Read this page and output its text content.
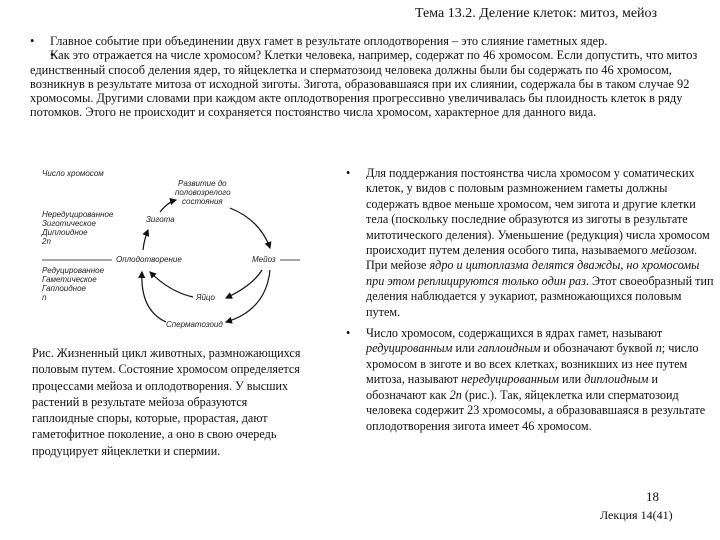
Тема 13.2. Деление клеток: митоз, мейоз
• Главное событие при объединении двух гамет в результате оплодотворения – это слияние гаметных ядер.
• Как это отражается на числе хромосом? Клетки человека, например, содержат по 46 хромосом. Если допустить, что митоз единственный способ деления ядер, то яйцеклетка и сперматозоид человека должны были бы содержать по 46 хромосом, возникнув в результате митоза от исходной зиготы. Зигота, образовавшаяся при их слиянии, содержала бы в таком случае 92 хромосомы. Другими словами при каждом акте оплодотворения прогрессивно увеличивалась бы плоидность клеток в ряду потомков. Этого не происходит и сохраняется постоянство числа хромосом, характерное для данного вида.
Число хромосом
Нередуцированное
Зиготическое
Диплоидное
2n
Редуцированное
Гаметическое
Гаплоидное
n
Развитие до
половозрелого
состояния
Зигота
Оплодотворение	Мейоз
Яйцо
Сперматозоид
Рис. Жизненный цикл животных, размножающихся половым путем. Состояние хромосом определяется процессами мейоза и оплодотворения. У высших растений в результате мейоза образуются гаплоидные споры, которые, прорастая, дают гаметофитное поколение, а оно в свою очередь продуцирует яйцеклетки и спермии.

• Для поддержания постоянства числа хромосом у соматических клеток, у видов с половым размножением гаметы должны содержать вдвое меньше хромосом, чем зигота и другие клетки тела (поскольку последние образуются из зиготы в результате митотического деления). Уменьшение (редукция) числа хромосом происходит путем деления особого типа, называемого мейозом. При мейозе ядро и цитоплазма делятся дважды, но хромосомы при этом реплицируются только один раз. Этот своеобразный тип деления наблюдается у эукариот, размножающихся половым путем.

• Число хромосом, содержащихся в ядрах гамет, называют редуцированным или гаплоидным и обозначают буквой n; число хромосом в зиготе и во всех клетках, возникших из нее путем митоза, называют нередуцированным или диплоидным и обозначают как 2n (рис.). Так, яйцеклетка или сперматозоид человека содержит 23 хромосомы, а образовавшаяся в результате оплодотворения зигота имеет 46 хромосом.

18
Лекция 14(41)
